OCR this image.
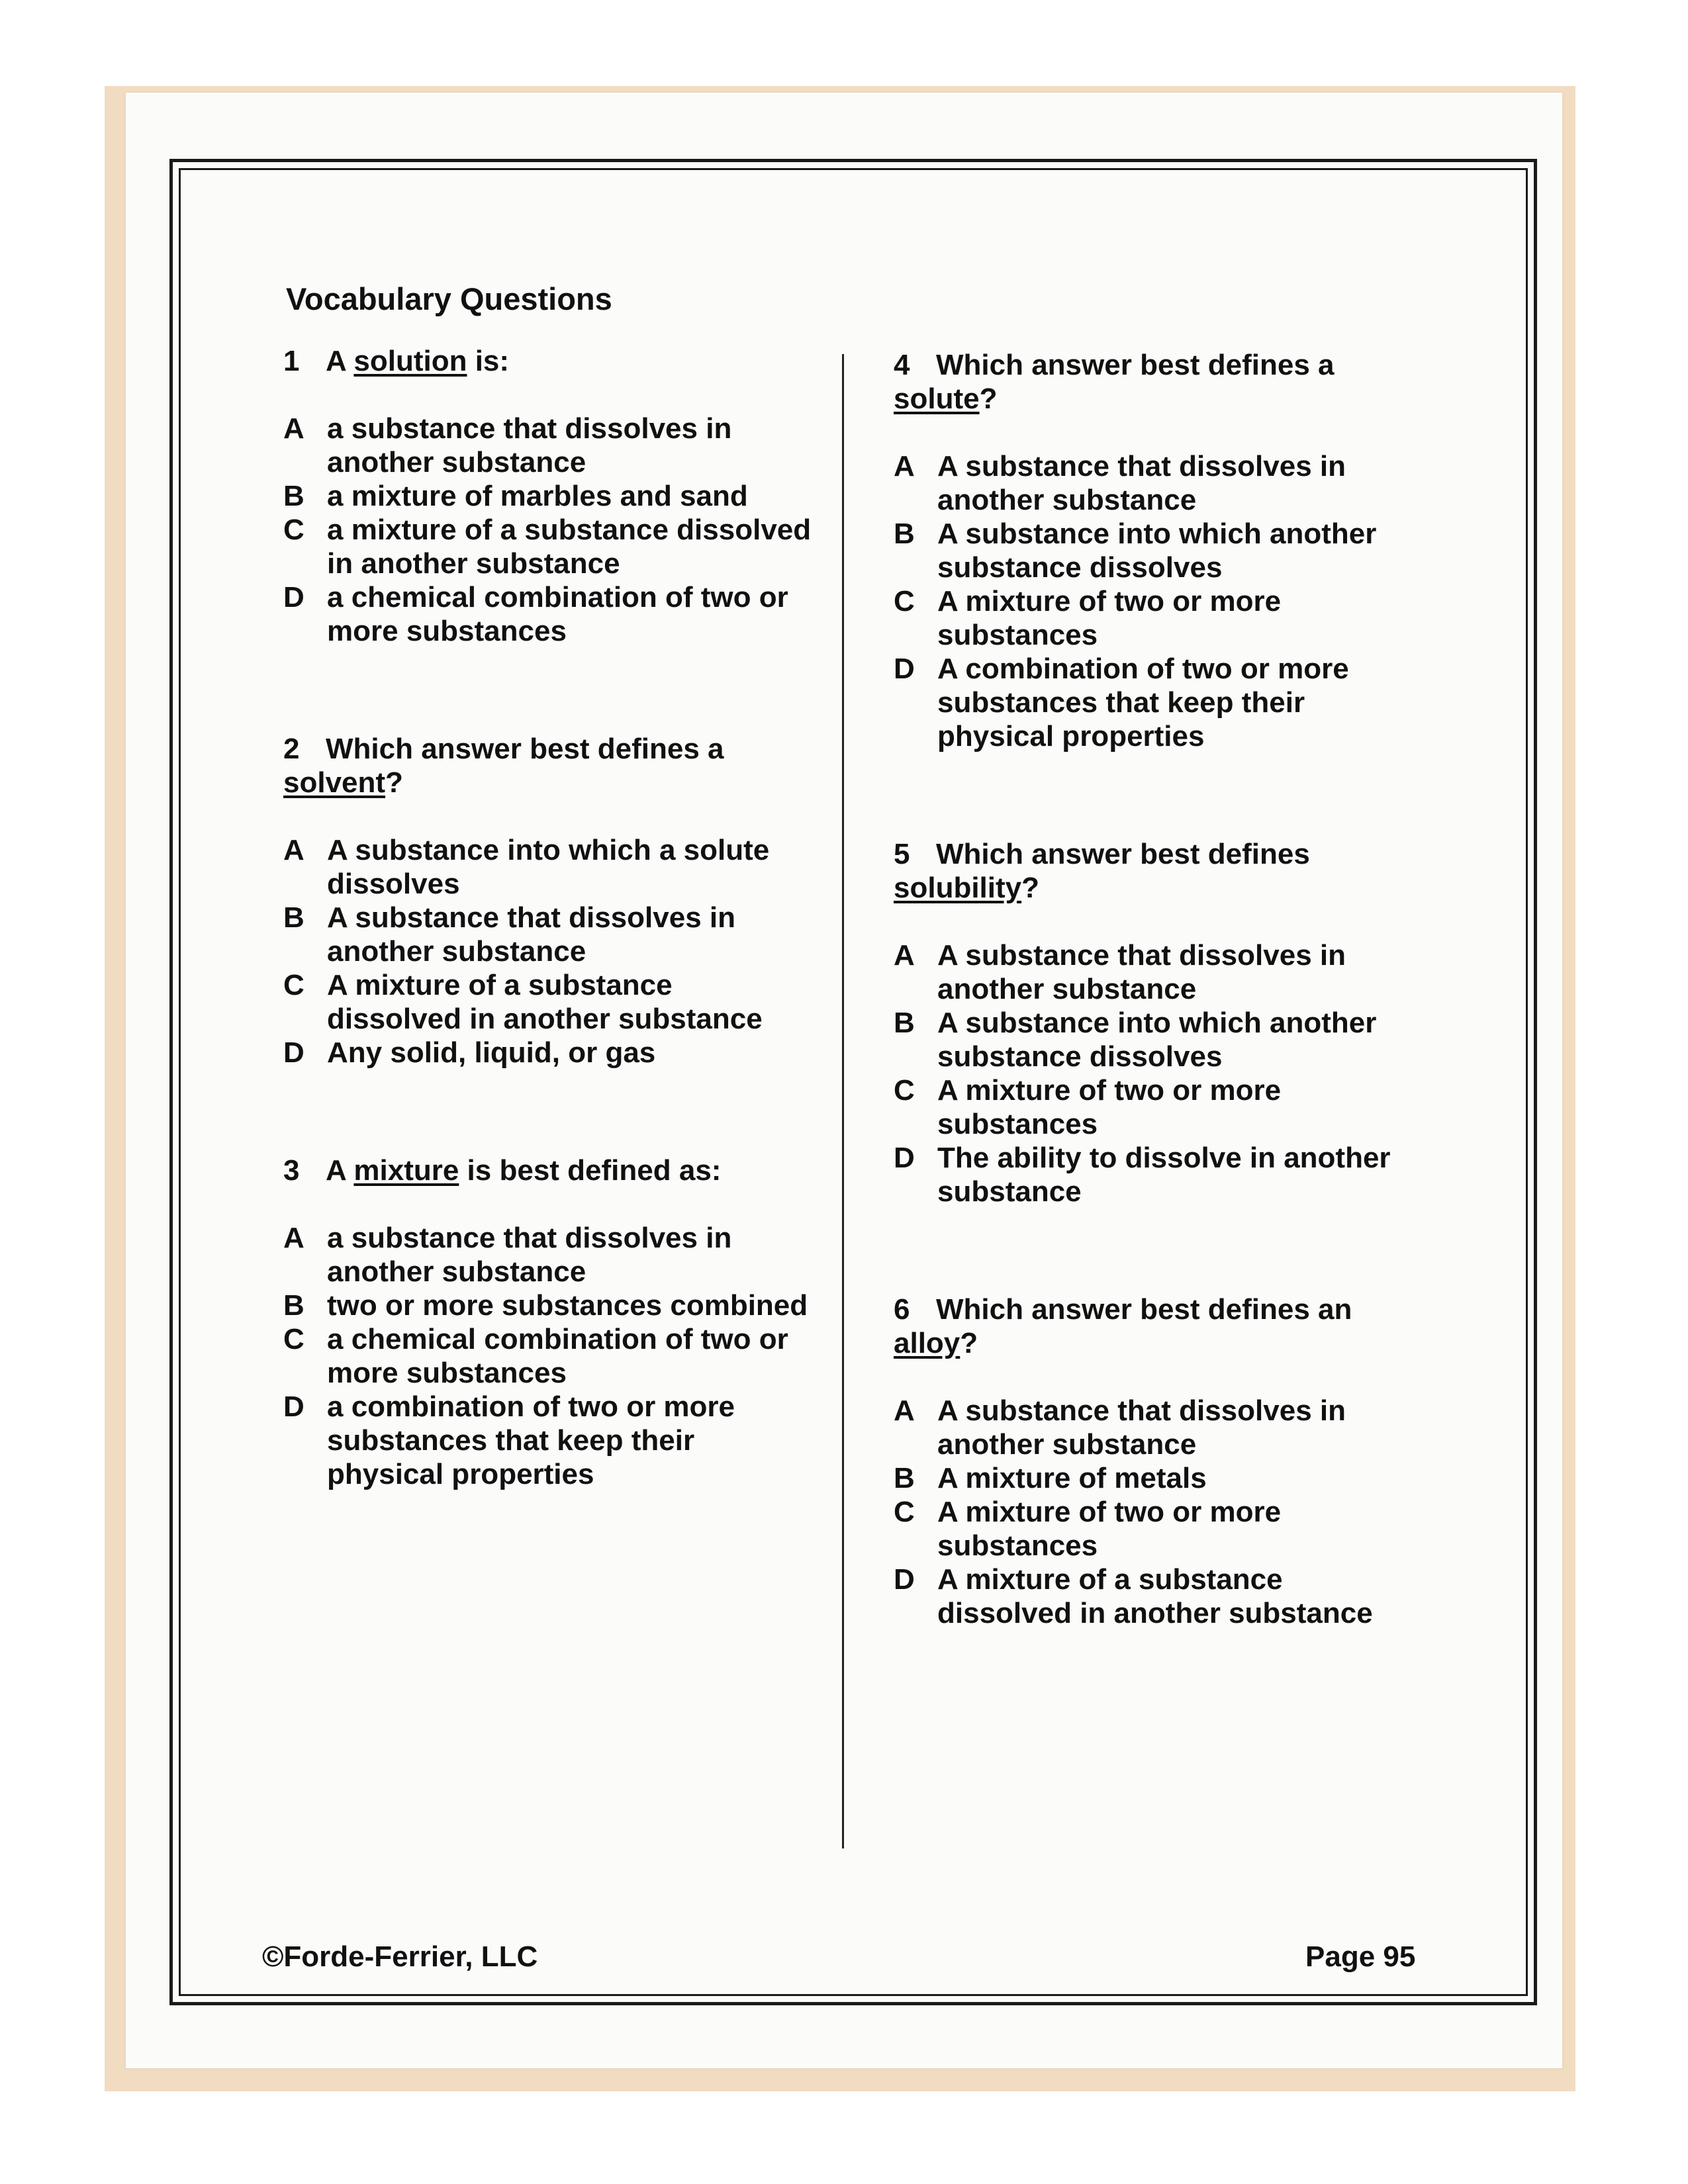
Vocabulary Questions

1 A solution is:

A a substance that dissolves in another substance
B a mixture of marbles and sand
C a mixture of a substance dissolved in another substance
D a chemical combination of two or more substances

2 Which answer best defines a solvent?

A A substance into which a solute dissolves
B A substance that dissolves in another substance
C A mixture of a substance dissolved in another substance
D Any solid, liquid, or gas

3 A mixture is best defined as:

A a substance that dissolves in another substance
B two or more substances combined
C a chemical combination of two or more substances
D a combination of two or more substances that keep their physical properties

4 Which answer best defines a solute?

A A substance that dissolves in another substance
B A substance into which another substance dissolves
C A mixture of two or more substances
D A combination of two or more substances that keep their physical properties

5 Which answer best defines solubility?

A A substance that dissolves in another substance
B A substance into which another substance dissolves
C A mixture of two or more substances
D The ability to dissolve in another substance

6 Which answer best defines an alloy?

A A substance that dissolves in another substance
B A mixture of metals
C A mixture of two or more substances
D A mixture of a substance dissolved in another substance
©Forde-Ferrier, LLC	Page 95
